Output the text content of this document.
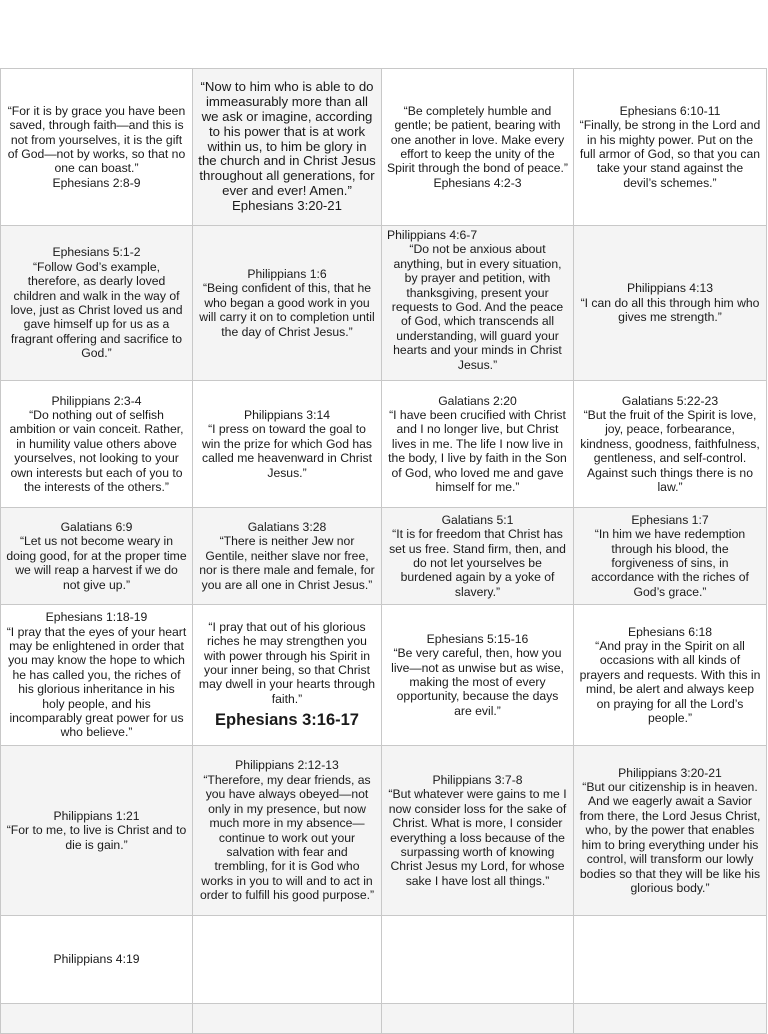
“For it is by grace you have been saved, through faith—and this is not from yourselves, it is the gift of God—not by works, so that no one can boast.”

Ephesians 2:8-9

“Now to him who is able to do immeasurably more than all we ask or imagine, according to his power that is at work within us, to him be glory in the church and in Christ Jesus throughout all generations, for ever and ever! Amen.”

Ephesians 3:20-21

“Be completely humble and gentle; be patient, bearing with one another in love. Make every effort to keep the unity of the Spirit through the bond of peace.”

Ephesians 4:2-3

Ephesians 6:10-11

“Finally, be strong in the Lord and in his mighty power. Put on the full armor of God, so that you can take your stand against the devil’s schemes.”

Ephesians 5:1-2

“Follow God’s example, therefore, as dearly loved children and walk in the way of love, just as Christ loved us and gave himself up for us as a fragrant offering and sacrifice to God.”

Philippians 1:6

“Being confident of this, that he who began a good work in you will carry it on to completion until the day of Christ Jesus.”

Philippians 4:6-7

“Do not be anxious about anything, but in every situation, by prayer and petition, with thanksgiving, present your requests to God. And the peace of God, which transcends all understanding, will guard your hearts and your minds in Christ Jesus.”

Philippians 4:13

“I can do all this through him who gives me strength.”

Philippians 2:3-4

“Do nothing out of selfish ambition or vain conceit. Rather, in humility value others above yourselves, not looking to your own interests but each of you to the interests of the others.”

Philippians 3:14

“I press on toward the goal to win the prize for which God has called me heavenward in Christ Jesus.”

Galatians 2:20

“I have been crucified with Christ and I no longer live, but Christ lives in me. The life I now live in the body, I live by faith in the Son of God, who loved me and gave himself for me.”

Galatians 5:22-23

“But the fruit of the Spirit is love, joy, peace, forbearance, kindness, goodness, faithfulness, gentleness, and self-control. Against such things there is no law.”

Galatians 6:9

“Let us not become weary in doing good, for at the proper time we will reap a harvest if we do not give up.”

Galatians 3:28

“There is neither Jew nor Gentile, neither slave nor free, nor is there male and female, for you are all one in Christ Jesus.”

Galatians 5:1

“It is for freedom that Christ has set us free. Stand firm, then, and do not let yourselves be burdened again by a yoke of slavery.”

Ephesians 1:7

“In him we have redemption through his blood, the forgiveness of sins, in accordance with the riches of God’s grace.”

Ephesians 1:18-19

“I pray that the eyes of your heart may be enlightened in order that you may know the hope to which he has called you, the riches of his glorious inheritance in his holy people, and his incomparably great power for us who believe.”

“I pray that out of his glorious riches he may strengthen you with power through his Spirit in your inner being, so that Christ may dwell in your hearts through faith.”

Ephesians 3:16-17

Ephesians 5:15-16

“Be very careful, then, how you live—not as unwise but as wise, making the most of every opportunity, because the days are evil.”

Ephesians 6:18

“And pray in the Spirit on all occasions with all kinds of prayers and requests. With this in mind, be alert and always keep on praying for all the Lord’s people.”

Philippians 1:21

“For to me, to live is Christ and to die is gain.”

Philippians 2:12-13

“Therefore, my dear friends, as you have always obeyed—not only in my presence, but now much more in my absence—continue to work out your salvation with fear and trembling, for it is God who works in you to will and to act in order to fulfill his good purpose.”

Philippians 3:7-8

“But whatever were gains to me I now consider loss for the sake of Christ. What is more, I consider everything a loss because of the surpassing worth of knowing Christ Jesus my Lord, for whose sake I have lost all things.”

Philippians 3:20-21

“But our citizenship is in heaven. And we eagerly await a Savior from there, the Lord Jesus Christ, who, by the power that enables him to bring everything under his control, will transform our lowly bodies so that they will be like his glorious body.”

Philippians 4:19
